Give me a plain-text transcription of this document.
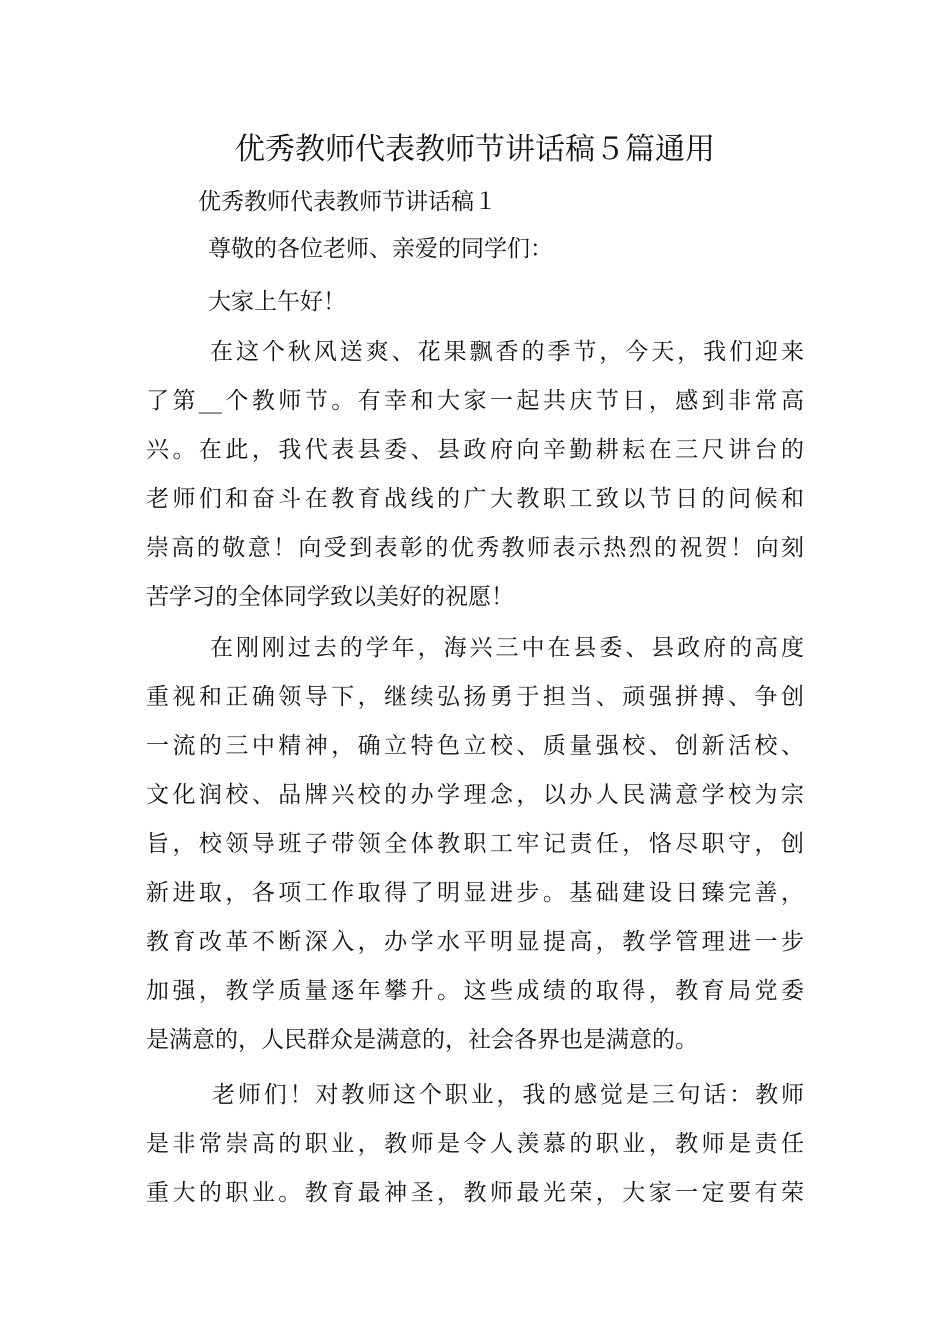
优秀教师代表教师节讲话稿５篇通用
优秀教师代表教师节讲话稿１
尊敬的各位老师、亲爱的同学们：
大家上午好！
在这个秋风送爽、花果飘香的季节，今天，我们迎来
了第__个教师节。有幸和大家一起共庆节日，感到非常高
兴。在此，我代表县委、县政府向辛勤耕耘在三尺讲台的
老师们和奋斗在教育战线的广大教职工致以节日的问候和
崇高的敬意！向受到表彰的优秀教师表示热烈的祝贺！向刻
苦学习的全体同学致以美好的祝愿！
在刚刚过去的学年，海兴三中在县委、县政府的高度
重视和正确领导下，继续弘扬勇于担当、顽强拼搏、争创
一流的三中精神，确立特色立校、质量强校、创新活校、
文化润校、品牌兴校的办学理念，以办人民满意学校为宗
旨，校领导班子带领全体教职工牢记责任，恪尽职守，创
新进取，各项工作取得了明显进步。基础建设日臻完善，
教育改革不断深入，办学水平明显提高，教学管理进一步
加强，教学质量逐年攀升。这些成绩的取得，教育局党委
是满意的，人民群众是满意的，社会各界也是满意的。
老师们！对教师这个职业，我的感觉是三句话：教师
是非常崇高的职业，教师是令人羡慕的职业，教师是责任
重大的职业。教育最神圣，教师最光荣，大家一定要有荣
